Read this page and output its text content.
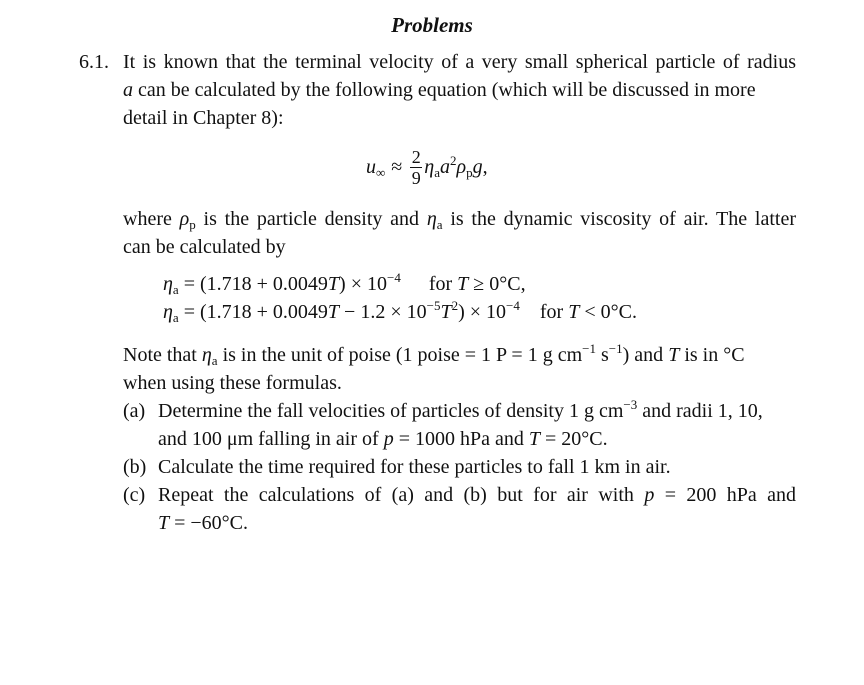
Problems
6.1. It is known that the terminal velocity of a very small spherical particle of radius
a can be calculated by the following equation (which will be discussed in more
detail in Chapter 8):
$u_\infty \approx \frac{2}{9} \eta_aa^2\rho_pg$,
where $\rho_p$ is the particle density and $\eta_a$ is the dynamic viscosity of air. The latter
can be calculated by
$\eta_a = (1.718 + 0.0049T) \times 10^{-4}$ for T ≥ 0°C,
$\eta_a = (1.718 + 0.0049T - 1.2 \times 10^{-5}T^2) \times 10^{-4}$ for T < 0°C.
Note that $\eta_a$ is in the unit of poise (1 poise = 1 P = 1 g $cm^{-1}$ $s^{-1}$) and T is in °C
when using these formulas.
(a) Determine the fall velocities of particles of density 1 g $cm^{-3}$ and radii 1, 10,
and 100 μm falling in air of p = 1000 hPa and T = 20°C.
(b) Calculate the time required for these particles to fall 1 km in air.
(c) Repeat the calculations of (a) and (b) but for air with p = 200 hPa and
T = −60°C.
